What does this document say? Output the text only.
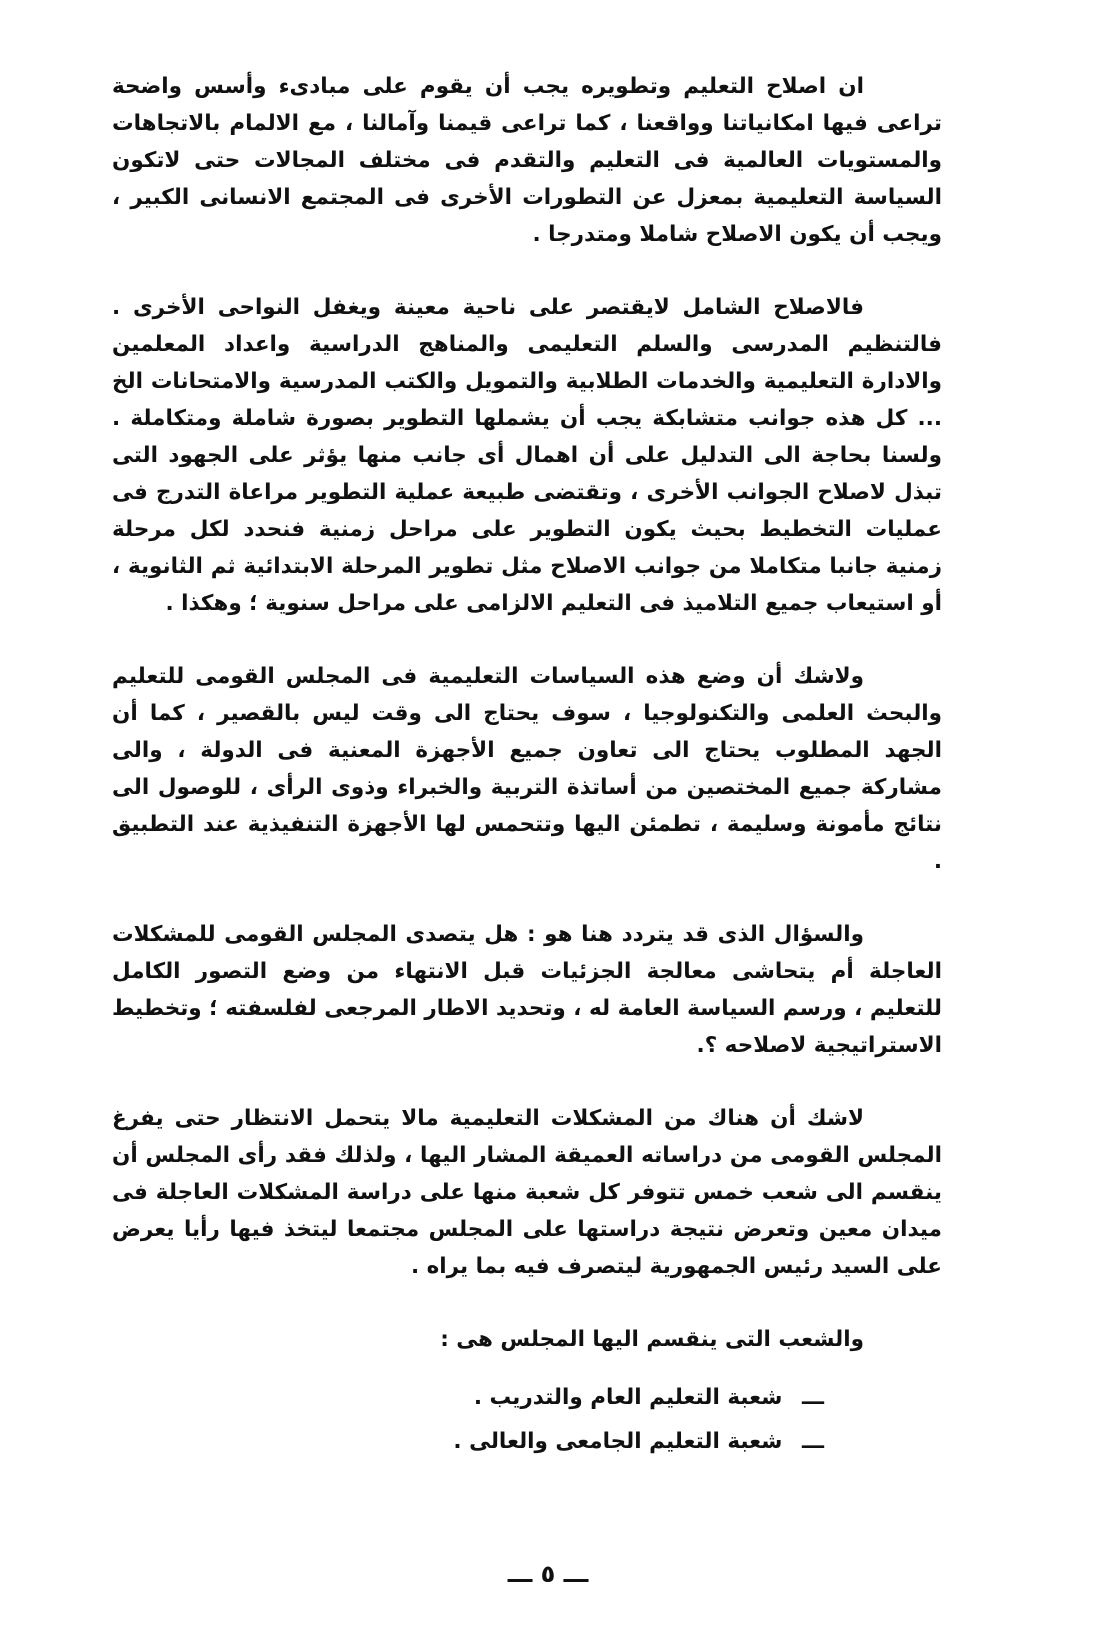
ان اصلاح التعليم وتطويره يجب أن يقوم على مبادىء وأسس واضحة تراعى فيها امكانياتنا وواقعنا ، كما تراعى قيمنا وآمالنا ، مع الالمام بالاتجاهات والمستويات العالمية فى التعليم والتقدم فى مختلف المجالات حتى لاتكون السياسة التعليمية بمعزل عن التطورات الأخرى فى المجتمع الانسانى الكبير ، ويجب أن يكون الاصلاح شاملا ومتدرجا .

فالاصلاح الشامل لايقتصر على ناحية معينة ويغفل النواحى الأخرى . فالتنظيم المدرسى والسلم التعليمى والمناهج الدراسية واعداد المعلمين والادارة التعليمية والخدمات الطلابية والتمويل والكتب المدرسية والامتحانات الخ ... كل هذه جوانب متشابكة يجب أن يشملها التطوير بصورة شاملة ومتكاملة . ولسنا بحاجة الى التدليل على أن اهمال أى جانب منها يؤثر على الجهود التى تبذل لاصلاح الجوانب الأخرى ، وتقتضى طبيعة عملية التطوير مراعاة التدرج فى عمليات التخطيط بحيث يكون التطوير على مراحل زمنية فنحدد لكل مرحلة زمنية جانبا متكاملا من جوانب الاصلاح مثل تطوير المرحلة الابتدائية ثم الثانوية ، أو استيعاب جميع التلاميذ فى التعليم الالزامى على مراحل سنوية ؛ وهكذا .

ولاشك أن وضع هذه السياسات التعليمية فى المجلس القومى للتعليم والبحث العلمى والتكنولوجيا ، سوف يحتاج الى وقت ليس بالقصير ، كما أن الجهد المطلوب يحتاج الى تعاون جميع الأجهزة المعنية فى الدولة ، والى مشاركة جميع المختصين من أساتذة التربية والخبراء وذوى الرأى ، للوصول الى نتائج مأمونة وسليمة ، تطمئن اليها وتتحمس لها الأجهزة التنفيذية عند التطبيق .

والسؤال الذى قد يتردد هنا هو : هل يتصدى المجلس القومى للمشكلات العاجلة أم يتحاشى معالجة الجزئيات قبل الانتهاء من وضع التصور الكامل للتعليم ، ورسم السياسة العامة له ، وتحديد الاطار المرجعى لفلسفته ؛ وتخطيط الاستراتيجية لاصلاحه ؟.

لاشك أن هناك من المشكلات التعليمية مالا يتحمل الانتظار حتى يفرغ المجلس القومى من دراساته العميقة المشار اليها ، ولذلك فقد رأى المجلس أن ينقسم الى شعب خمس تتوفر كل شعبة منها على دراسة المشكلات العاجلة فى ميدان معين وتعرض نتيجة دراستها على المجلس مجتمعا ليتخذ فيها رأيا يعرض على السيد رئيس الجمهورية ليتصرف فيه بما يراه .

والشعب التى ينقسم اليها المجلس هى :

ـــ شعبة التعليم العام والتدريب .
ـــ شعبة التعليم الجامعى والعالى .
ـــ ٥ ـــ
